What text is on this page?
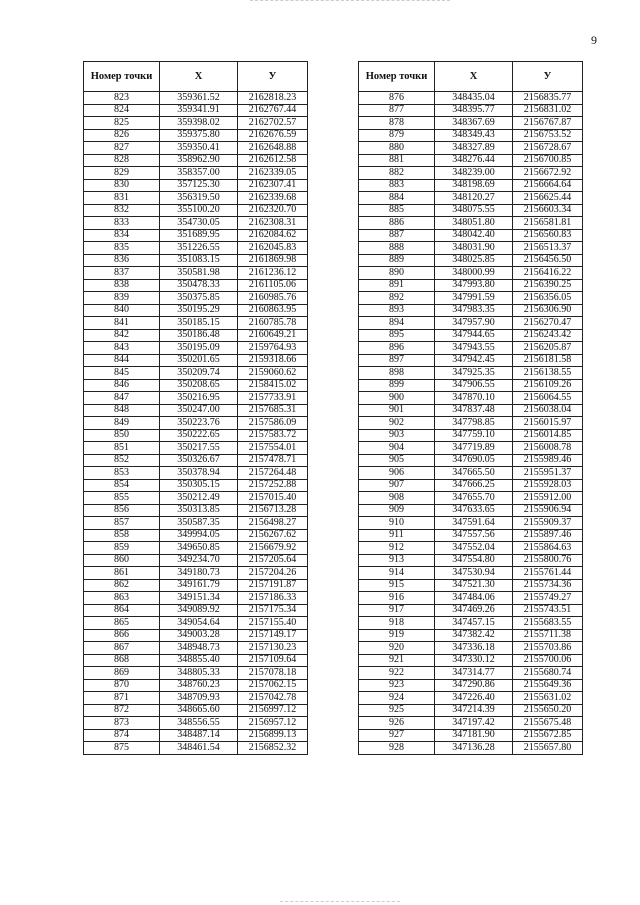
9
Номер точки	X	У
823	359361.52	2162818.23
824	359341.91	2162767.44
825	359398.02	2162702.57
826	359375.80	2162676.59
827	359350.41	2162648.88
828	358962.90	2162612.58
829	358357.00	2162339.05
830	357125.30	2162307.41
831	356319.50	2162339.68
832	355100.20	2162320.70
833	354730.05	2162308.31
834	351689.95	2162084.62
835	351226.55	2162045.83
836	351083.15	2161869.98
837	350581.98	2161236.12
838	350478.33	2161105.06
839	350375.85	2160985.76
840	350195.29	2160863.95
841	350185.15	2160785.78
842	350186.48	2160649.21
843	350195.09	2159764.93
844	350201.65	2159318.66
845	350209.74	2159060.62
846	350208.65	2158415.02
847	350216.95	2157733.91
848	350247.00	2157685.31
849	350223.76	2157586.09
850	350222.65	2157583.72
851	350217.55	2157554.01
852	350326.67	2157478.71
853	350378.94	2157264.48
854	350305.15	2157252.88
855	350212.49	2157015.40
856	350313.85	2156713.28
857	350587.35	2156498.27
858	349994.05	2156267.62
859	349650.85	2156679.92
860	349234.70	2157205.64
861	349180.73	2157204.26
862	349161.79	2157191.87
863	349151.34	2157186.33
864	349089.92	2157175.34
865	349054.64	2157155.40
866	349003.28	2157149.17
867	348948.73	2157130.23
868	348855.40	2157109.64
869	348805.33	2157078.18
870	348760.23	2157062.15
871	348709.93	2157042.78
872	348665.60	2156997.12
873	348556.55	2156957.12
874	348487.14	2156899.13
875	348461.54	2156852.32
Номер точки	X	У
876	348435.04	2156835.77
877	348395.77	2156831.02
878	348367.69	2156767.87
879	348349.43	2156753.52
880	348327.89	2156728.67
881	348276.44	2156700.85
882	348239.00	2156672.92
883	348198.69	2156664.64
884	348120.27	2156625.44
885	348075.55	2156603.34
886	348051.80	2156581.81
887	348042.40	2156560.83
888	348031.90	2156513.37
889	348025.85	2156456.50
890	348000.99	2156416.22
891	347993.80	2156390.25
892	347991.59	2156356.05
893	347983.35	2156306.90
894	347957.90	2156270.47
895	347944.65	2156243.42
896	347943.55	2156205.87
897	347942.45	2156181.58
898	347925.35	2156138.55
899	347906.55	2156109.26
900	347870.10	2156064.55
901	347837.48	2156038.04
902	347798.85	2156015.97
903	347759.10	2156014.85
904	347719.89	2156008.78
905	347690.05	2155989.46
906	347665.50	2155951.37
907	347666.25	2155928.03
908	347655.70	2155912.00
909	347633.65	2155906.94
910	347591.64	2155909.37
911	347557.56	2155897.46
912	347552.04	2155864.63
913	347554.80	2155800.76
914	347530.94	2155761.44
915	347521.30	2155734.36
916	347484.06	2155749.27
917	347469.26	2155743.51
918	347457.15	2155683.55
919	347382.42	2155711.38
920	347336.18	2155703.86
921	347330.12	2155700.06
922	347314.77	2155680.74
923	347290.86	2155649.36
924	347226.40	2155631.02
925	347214.39	2155650.20
926	347197.42	2155675.48
927	347181.90	2155672.85
928	347136.28	2155657.80
